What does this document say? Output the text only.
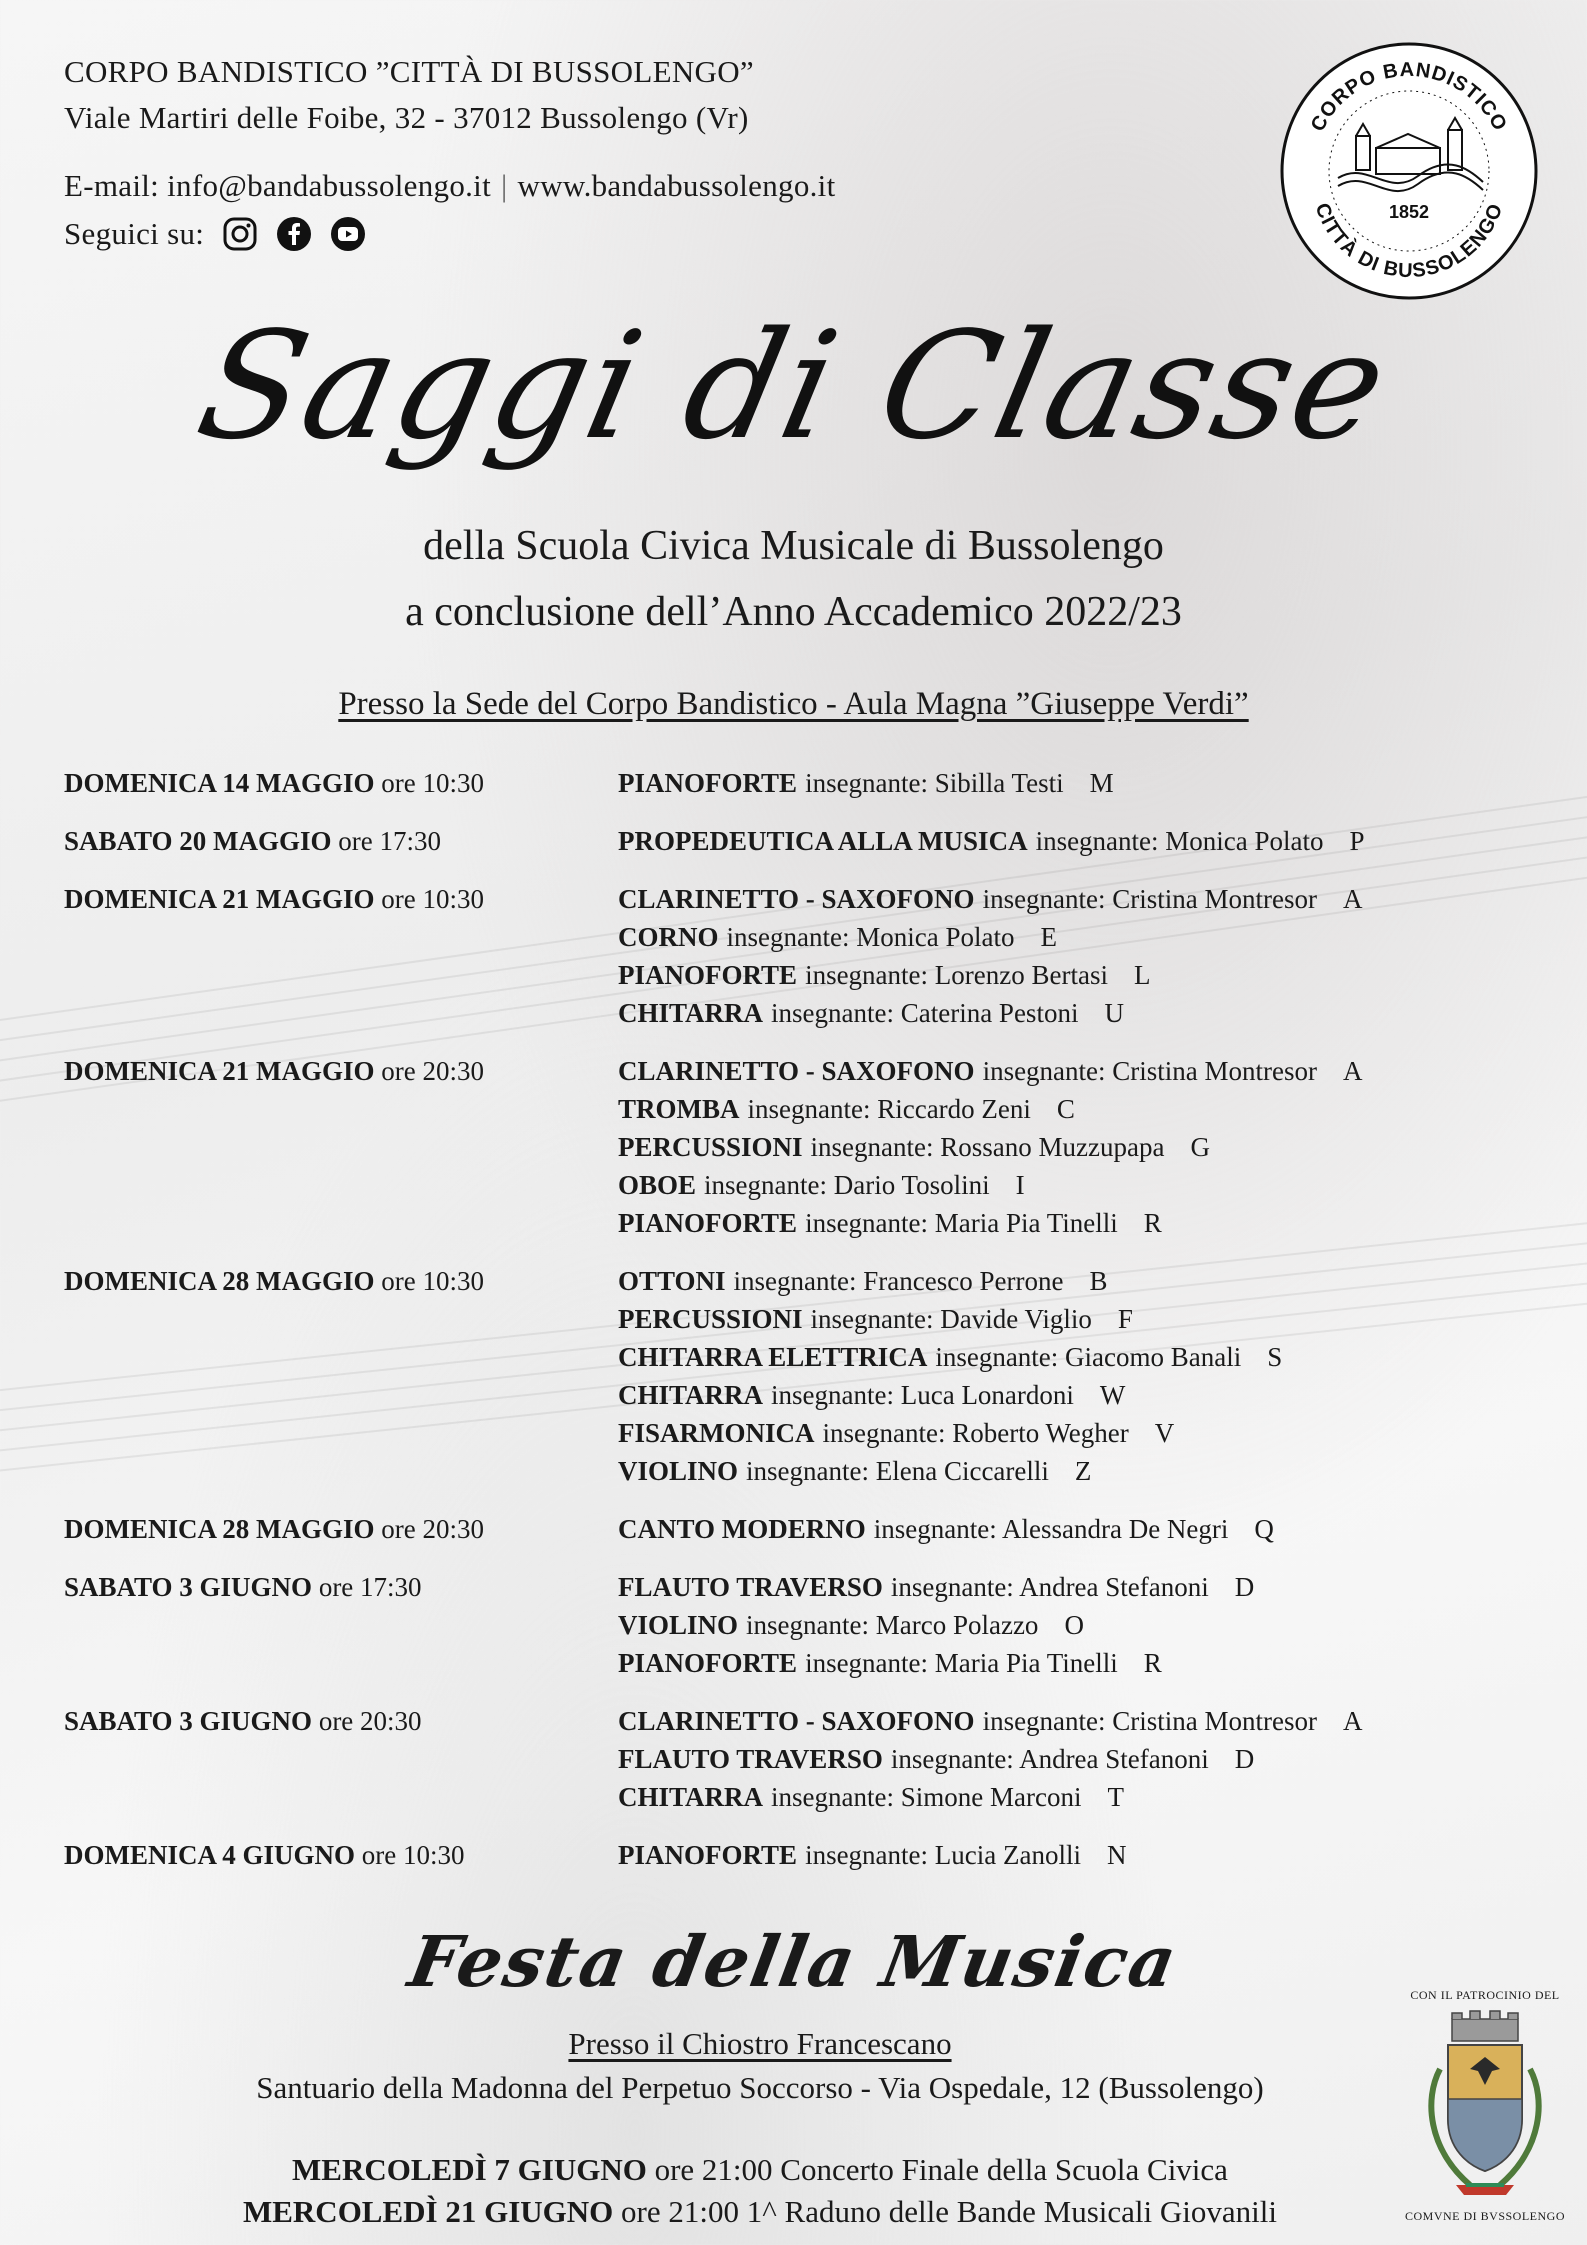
CORPO BANDISTICO ”CITTÀ DI BUSSOLENGO”
Viale Martiri delle Foibe, 32 - 37012 Bussolengo (Vr)
E-mail: info@bandabussolengo.it | www.bandabussolengo.it
Seguici su:
CORPO BANDISTICO
CITTÀ DI BUSSOLENGO
1852
Saggi di Classe
della Scuola Civica Musicale di Bussolengo
a conclusione dell’Anno Accademico 2022/23
Presso la Sede del Corpo Bandistico - Aula Magna ”Giuseppe Verdi”
DOMENICA 14 MAGGIO ore 10:30	PIANOFORTE insegnante: Sibilla Testi M
SABATO 20 MAGGIO ore 17:30	PROPEDEUTICA ALLA MUSICA insegnante: Monica Polato P
DOMENICA 21 MAGGIO ore 10:30	CLARINETTO - SAXOFONO insegnante: Cristina Montresor A
CORNO insegnante: Monica Polato E
PIANOFORTE insegnante: Lorenzo Bertasi L
CHITARRA insegnante: Caterina Pestoni U
DOMENICA 21 MAGGIO ore 20:30	CLARINETTO - SAXOFONO insegnante: Cristina Montresor A
TROMBA insegnante: Riccardo Zeni C
PERCUSSIONI insegnante: Rossano Muzzupapa G
OBOE insegnante: Dario Tosolini I
PIANOFORTE insegnante: Maria Pia Tinelli R
DOMENICA 28 MAGGIO ore 10:30	OTTONI insegnante: Francesco Perrone B
PERCUSSIONI insegnante: Davide Viglio F
CHITARRA ELETTRICA insegnante: Giacomo Banali S
CHITARRA insegnante: Luca Lonardoni W
FISARMONICA insegnante: Roberto Wegher V
VIOLINO insegnante: Elena Ciccarelli Z
DOMENICA 28 MAGGIO ore 20:30	CANTO MODERNO insegnante: Alessandra De Negri Q
SABATO 3 GIUGNO ore 17:30	FLAUTO TRAVERSO insegnante: Andrea Stefanoni D
VIOLINO insegnante: Marco Polazzo O
PIANOFORTE insegnante: Maria Pia Tinelli R
SABATO 3 GIUGNO ore 20:30	CLARINETTO - SAXOFONO insegnante: Cristina Montresor A
FLAUTO TRAVERSO insegnante: Andrea Stefanoni D
CHITARRA insegnante: Simone Marconi T
DOMENICA 4 GIUGNO ore 10:30	PIANOFORTE insegnante: Lucia Zanolli N
Festa della Musica
Presso il Chiostro Francescano
Santuario della Madonna del Perpetuo Soccorso - Via Ospedale, 12 (Bussolengo)
MERCOLEDÌ 7 GIUGNO ore 21:00 Concerto Finale della Scuola Civica
MERCOLEDÌ 21 GIUGNO ore 21:00 1^ Raduno delle Bande Musicali Giovanili
CON IL PATROCINIO DEL
COMVNE DI BVSSOLENGO
